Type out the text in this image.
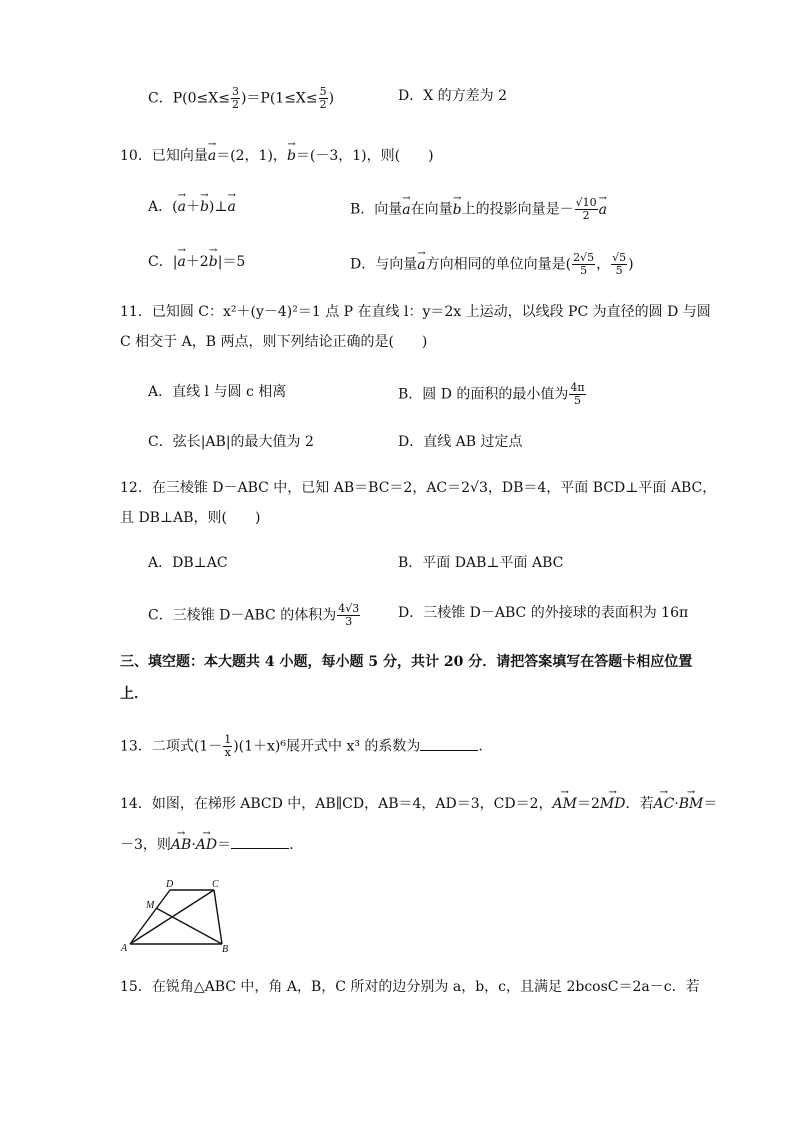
C．$P(0\le X\le \frac{3}{2} )=P(1\le X\le \frac{5}{2}$ )	D．X 的方差为 2
10．已知向量→ a＝(2，1)，→ b＝(－3，1)，则(　　)
A．(→ a＋→ b)⊥→ a	B．向量→ a在向量→ b上的投影向量是－ $\frac{√10}{2}$
→ a
C．|→ a＋2→ b|＝5	D．与向量→ a方向相同的单位向量是( $\frac{2√5}{5}$ ， $\frac{√5}{5}$ )
11．已知圆 C：x²＋(y－4)²＝1 点 P 在直线 l：y＝2x 上运动，以线段 PC 为直径的圆 D 与圆
C 相交于 A，B 两点，则下列结论正确的是(　　)
A．直线 l 与圆 c 相离	B．圆 D 的面积的最小值为 $\frac{4\pi}{5}$
C．弦长|AB|的最大值为 2	D．直线 AB 过定点
12．在三棱锥 D－ABC 中，已知 AB＝BC＝2，AC＝2√3，DB＝4，平面 BCD⊥平面 ABC，
且 DB⊥AB，则(　　)
A．DB⊥AC	B．平面 DAB⊥平面 ABC
C．三棱锥 D－ABC 的体积为 $\frac{4√3}{3}$	D．三棱锥 D－ABC 的外接球的表面积为 16π
三、填空题：本大题共 4 小题，每小题 5 分，共计 20 分．请把答案填写在答题卡相应位置
上．
13．二项式$(1- \frac{1}{x} )(1+x)^6$展开式中 x³ 的系数为	.
14．如图，在梯形 ABCD 中，AB∥CD，AB＝4，AD＝3，CD＝2，→ AM＝2→ MD．若→ AC·→ BM＝
－3，则→ AB·→ AD＝	.
D	C
M
A	B
15．在锐角△ABC 中，角 A，B，C 所对的边分别为 a，b，c，且满足 2bcosC＝2a－c．若
